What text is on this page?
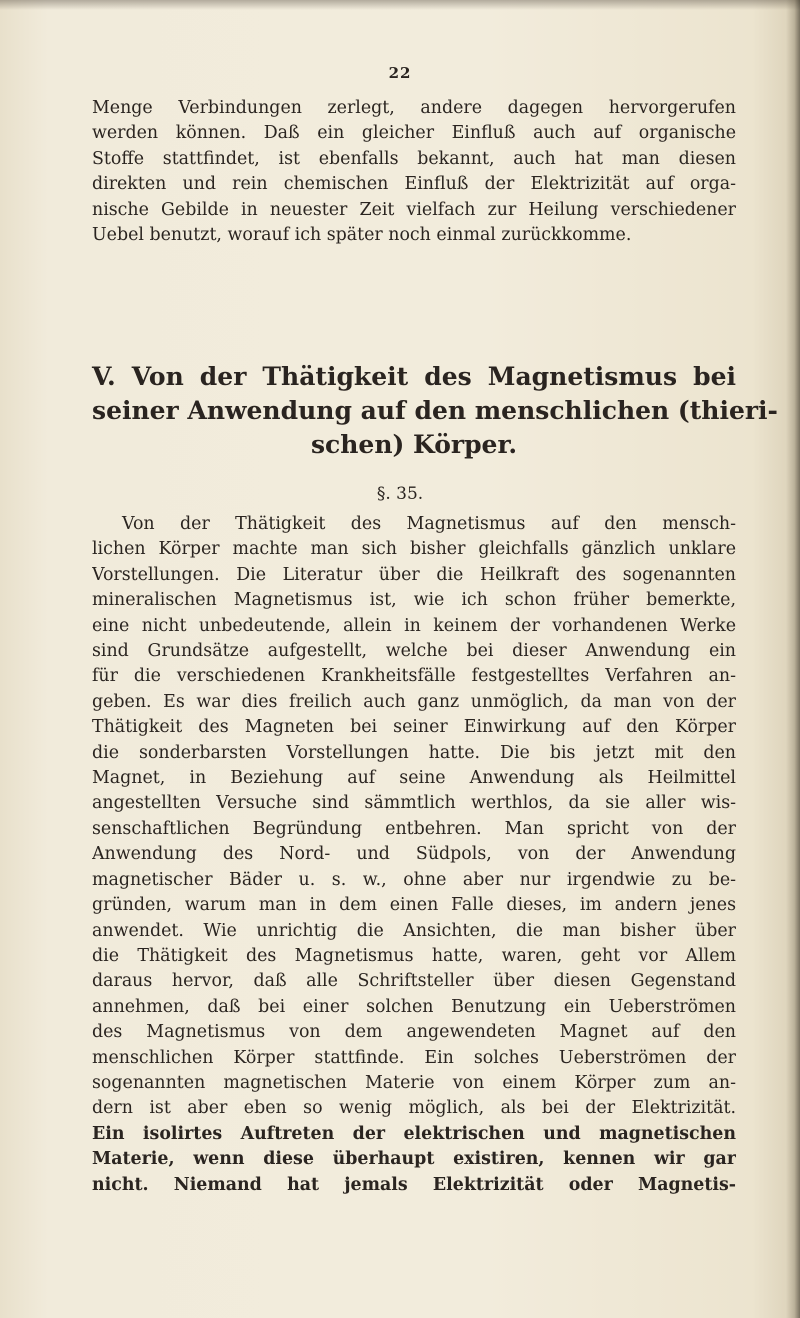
22
Menge Verbindungen zerlegt, andere dagegen hervorgerufen
werden können. Daß ein gleicher Einfluß auch auf organische
Stoffe stattfindet, ist ebenfalls bekannt, auch hat man diesen
direkten und rein chemischen Einfluß der Elektrizität auf orga-
nische Gebilde in neuester Zeit vielfach zur Heilung verschiedener
Uebel benutzt, worauf ich später noch einmal zurückkomme.
V. Von der Thätigkeit des Magnetismus bei
seiner Anwendung auf den menschlichen (thieri-
schen) Körper.
§. 35.
Von der Thätigkeit des Magnetismus auf den mensch-
lichen Körper machte man sich bisher gleichfalls gänzlich unklare
Vorstellungen. Die Literatur über die Heilkraft des sogenannten
mineralischen Magnetismus ist, wie ich schon früher bemerkte,
eine nicht unbedeutende, allein in keinem der vorhandenen Werke
sind Grundsätze aufgestellt, welche bei dieser Anwendung ein
für die verschiedenen Krankheitsfälle festgestelltes Verfahren an-
geben. Es war dies freilich auch ganz unmöglich, da man von der
Thätigkeit des Magneten bei seiner Einwirkung auf den Körper
die sonderbarsten Vorstellungen hatte. Die bis jetzt mit den
Magnet, in Beziehung auf seine Anwendung als Heilmittel
angestellten Versuche sind sämmtlich werthlos, da sie aller wis-
senschaftlichen Begründung entbehren. Man spricht von der
Anwendung des Nord- und Südpols, von der Anwendung
magnetischer Bäder u. s. w., ohne aber nur irgendwie zu be-
gründen, warum man in dem einen Falle dieses, im andern jenes
anwendet. Wie unrichtig die Ansichten, die man bisher über
die Thätigkeit des Magnetismus hatte, waren, geht vor Allem
daraus hervor, daß alle Schriftsteller über diesen Gegenstand
annehmen, daß bei einer solchen Benutzung ein Ueberströmen
des Magnetismus von dem angewendeten Magnet auf den
menschlichen Körper stattfinde. Ein solches Ueberströmen der
sogenannten magnetischen Materie von einem Körper zum an-
dern ist aber eben so wenig möglich, als bei der Elektrizität.
Ein isolirtes Auftreten der elektrischen und magnetischen
Materie, wenn diese überhaupt existiren, kennen wir gar
nicht. Niemand hat jemals Elektrizität oder Magnetis-
